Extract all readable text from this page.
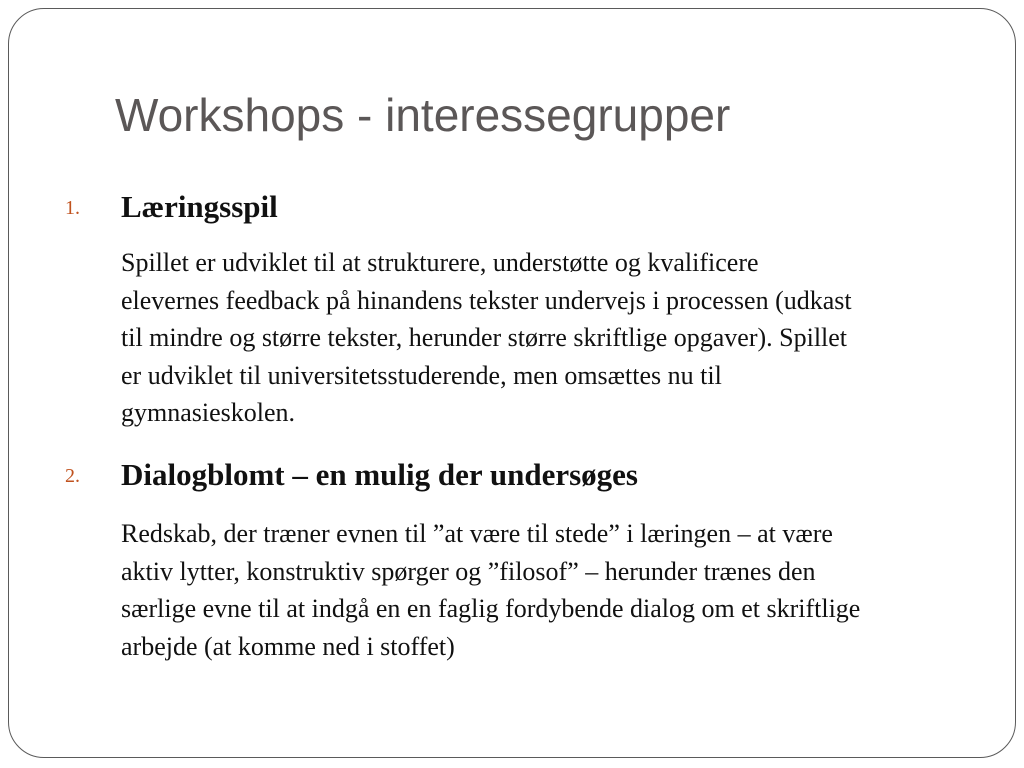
Workshops - interessegrupper
1. Læringsspil

Spillet er udviklet til at strukturere, understøtte og kvalificere
elevernes feedback på hinandens tekster undervejs i processen (udkast
til mindre og større tekster, herunder større skriftlige opgaver). Spillet
er udviklet til universitetsstuderende, men omsættes nu til
gymnasieskolen.

2. Dialogblomt – en mulig der undersøges

Redskab, der træner evnen til ”at være til stede” i læringen – at være
aktiv lytter, konstruktiv spørger og ”filosof” – herunder trænes den
særlige evne til at indgå en en faglig fordybende dialog om et skriftlige
arbejde (at komme ned i stoffet)
